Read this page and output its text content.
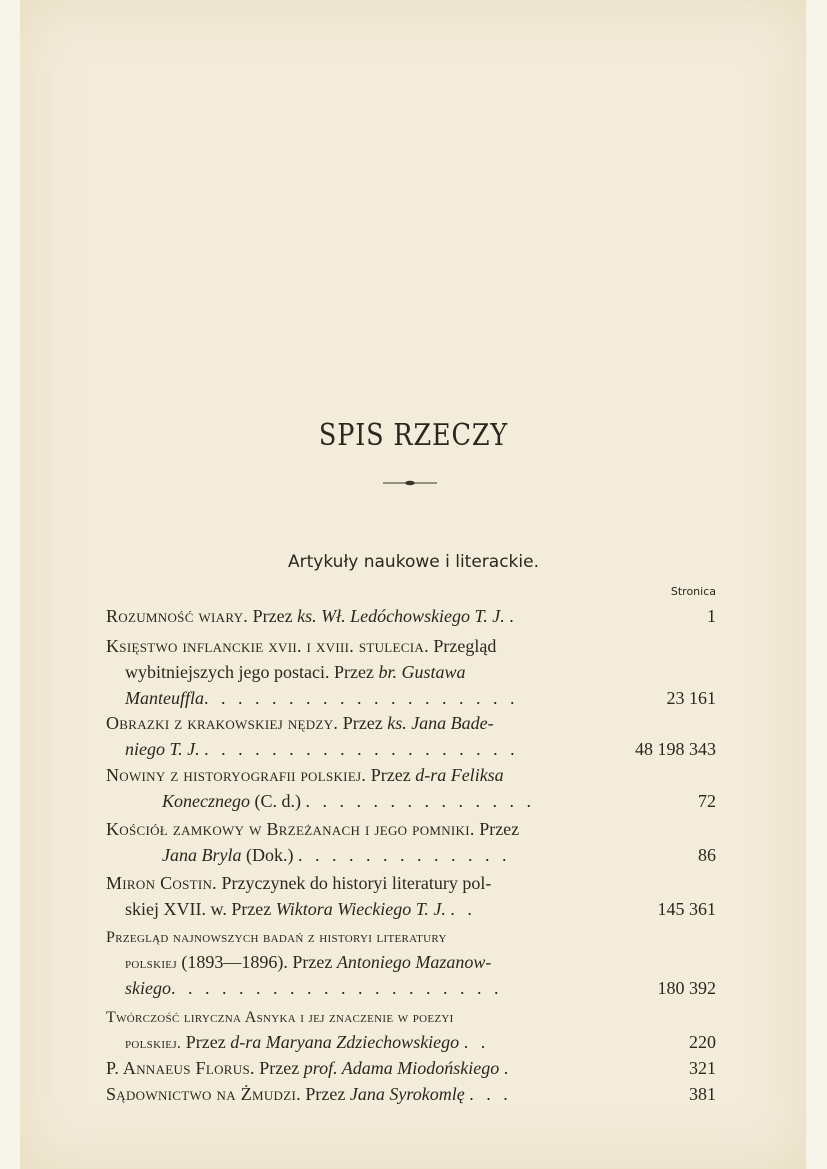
SPIS RZECZY
Artykuły naukowe i literackie.
Stronica
Rozumność wiary. Przez ks. Wł. Ledóchowskiego T. J. .	1
Księstwo inflanckie xvii. i xviii. stulecia. Przegląd
wybitniejszych jego postaci. Przez br. Gustawa
Manteuffla. . . . . . . . . . . . . . . . . . .	23 161
Obrazki z krakowskiej nędzy. Przez ks. Jana Bade-
niego T. J. . . . . . . . . . . . . . . . . . . .	48 198 343
Nowiny z historyografii polskiej. Przez d-ra Feliksa
Konecznego (C. d.) . . . . . . . . . . . . . .	72
Kościół zamkowy w Brzeżanach i jego pomniki. Przez
Jana Bryla (Dok.) . . . . . . . . . . . . .	86
Miron Costin. Przyczynek do historyi literatury pol-
skiej XVII. w. Przez Wiktora Wieckiego T. J. . .	145 361
Przegląd najnowszych badań z historyi literatury
polskiej (1893—1896). Przez Antoniego Mazanow-
skiego. . . . . . . . . . . . . . . . . . . .	180 392
Twórczość liryczna Asnyka i jej znaczenie w poezyi
polskiej. Przez d-ra Maryana Zdziechowskiego . .	220
P. Annaeus Florus. Przez prof. Adama Miodońskiego .	321
Sądownictwo na Żmudzi. Przez Jana Syrokomlę . . .	381
